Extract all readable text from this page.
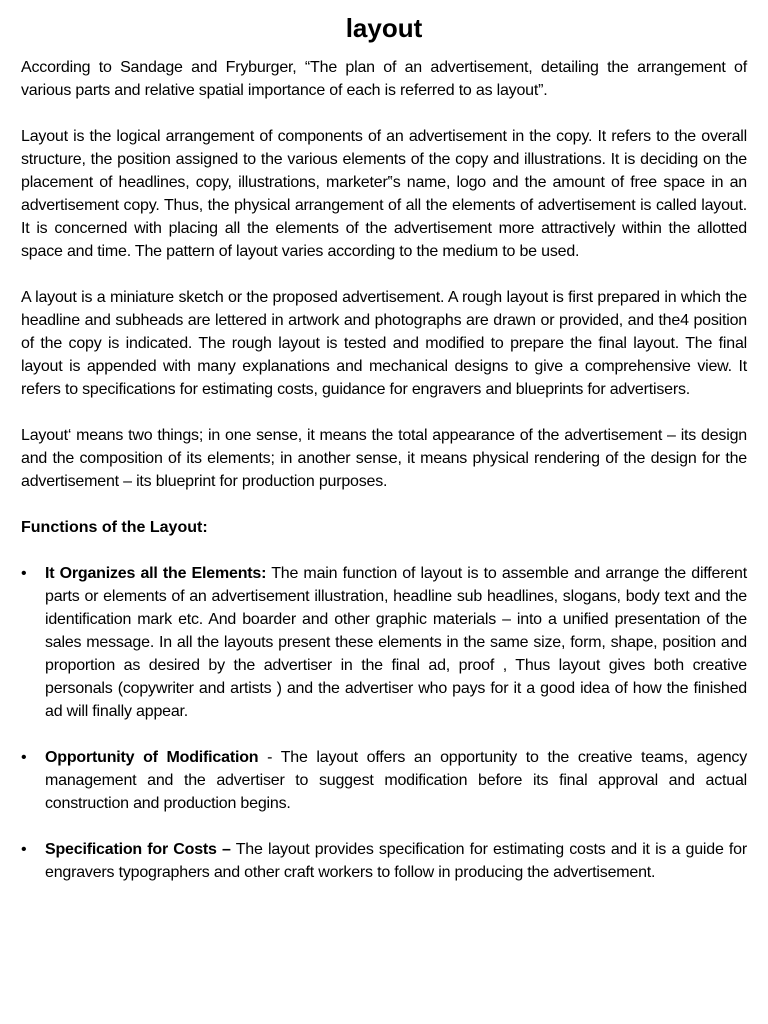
layout

According to Sandage and Fryburger, “The plan of an advertisement, detailing the arrangement of various parts and relative spatial importance of each is referred to as layout”.

Layout is the logical arrangement of components of an advertisement in the copy. It refers to the overall structure, the position assigned to the various elements of the copy and illustrations. It is deciding on the placement of headlines, copy, illustrations, marketer‟s name, logo and the amount of free space in an advertisement copy. Thus, the physical arrangement of all the elements of advertisement is called layout. It is concerned with placing all the elements of the advertisement more attractively within the allotted space and time. The pattern of layout varies according to the medium to be used.

A layout is a miniature sketch or the proposed advertisement. A rough layout is first prepared in which the headline and subheads are lettered in artwork and photographs are drawn or provided, and the4 position of the copy is indicated. The rough layout is tested and modified to prepare the final layout. The final layout is appended with many explanations and mechanical designs to give a comprehensive view. It refers to specifications for estimating costs, guidance for engravers and blueprints for advertisers.

Layout‘ means two things; in one sense, it means the total appearance of the advertisement – its design and the composition of its elements; in another sense, it means physical rendering of the design for the advertisement – its blueprint for production purposes.

Functions of the Layout:
•	It Organizes all the Elements: The main function of layout is to assemble and arrange the different parts or elements of an advertisement illustration, headline sub headlines, slogans, body text and the identification mark etc. And boarder and other graphic materials – into a unified presentation of the sales message. In all the layouts present these elements in the same size, form, shape, position and proportion as desired by the advertiser in the final ad, proof , Thus layout gives both creative personals (copywriter and artists ) and the advertiser who pays for it a good idea of how the finished ad will finally appear.
•	Opportunity of Modification - The layout offers an opportunity to the creative teams, agency management and the advertiser to suggest modification before its final approval and actual construction and production begins.
•	Specification for Costs – The layout provides specification for estimating costs and it is a guide for engravers typographers and other craft workers to follow in producing the advertisement.
